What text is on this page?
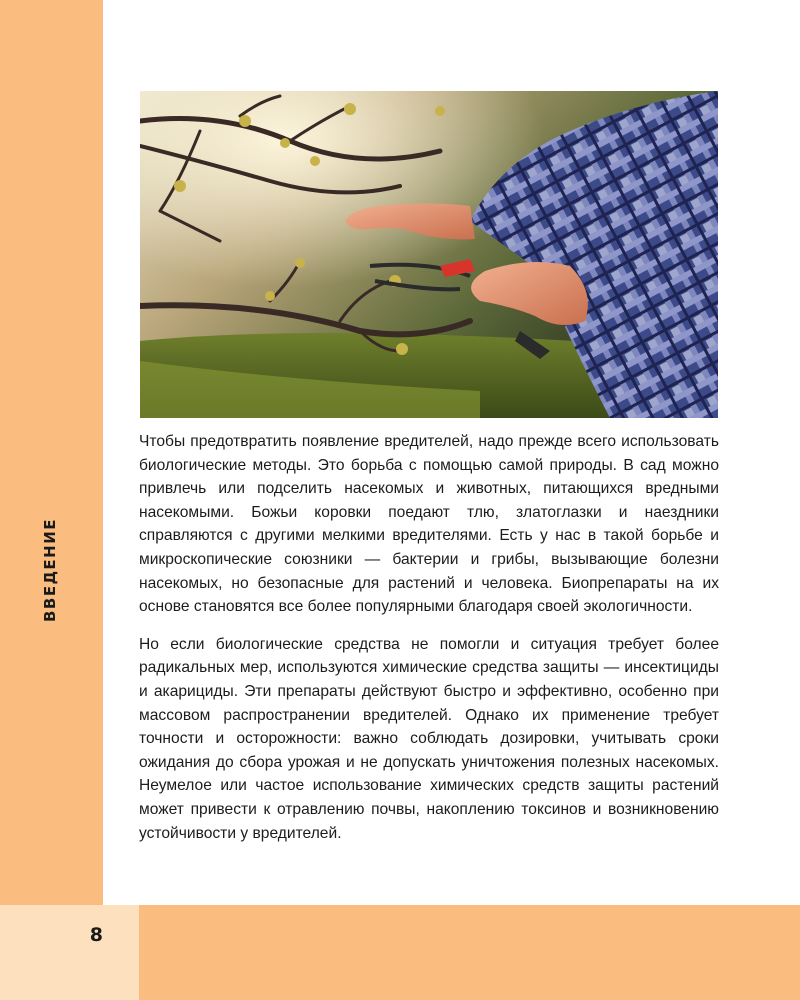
ВВЕДЕНИЕ

Чтобы предотвратить появление вредителей, надо прежде всего использовать биологические методы. Это борьба с помощью самой природы. В сад можно привлечь или подселить насекомых и животных, питающихся вредными насекомыми. Божьи коровки поедают тлю, златоглазки и наездники справляются с другими мелкими вредителями. Есть у нас в такой борьбе и микроскопические союзники — бактерии и грибы, вызывающие болезни насекомых, но безопасные для растений и человека. Биопрепараты на их основе становятся все более популярными благодаря своей экологичности.

Но если биологические средства не помогли и ситуация требует более радикальных мер, используются химические средства защиты — инсектициды и акарициды. Эти препараты действуют быстро и эффективно, особенно при массовом распространении вредителей. Однако их применение требует точности и осторожности: важно соблюдать дозировки, учитывать сроки ожидания до сбора урожая и не допускать уничтожения полезных насекомых. Неумелое или частое использование химических средств защиты растений может привести к отравлению почвы, накоплению токсинов и возникновению устойчивости у вредителей.

8
